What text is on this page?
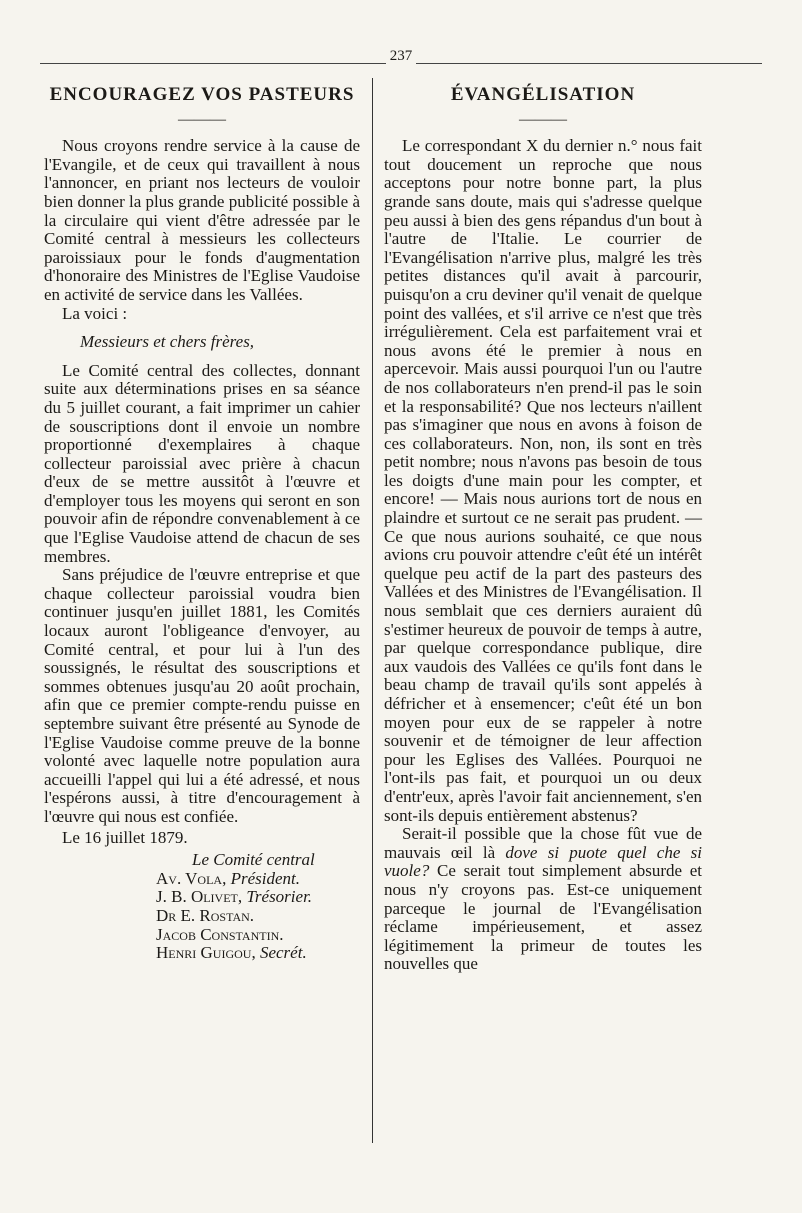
237
ENCOURAGEZ VOS PASTEURS
———

Nous croyons rendre service à la cause de l'Evangile, et de ceux qui travaillent à nous l'annoncer, en priant nos lecteurs de vouloir bien donner la plus grande publicité possible à la circulaire qui vient d'être adressée par le Comité central à messieurs les collecteurs paroissiaux pour le fonds d'augmentation d'honoraire des Ministres de l'Eglise Vaudoise en activité de service dans les Vallées.

La voici :

Messieurs et chers frères,

Le Comité central des collectes, donnant suite aux déterminations prises en sa séance du 5 juillet courant, a fait imprimer un cahier de souscriptions dont il envoie un nombre proportionné d'exemplaires à chaque collecteur paroissial avec prière à chacun d'eux de se mettre aussitôt à l'œuvre et d'employer tous les moyens qui seront en son pouvoir afin de répondre convenablement à ce que l'Eglise Vaudoise attend de chacun de ses membres.

Sans préjudice de l'œuvre entreprise et que chaque collecteur paroissial voudra bien continuer jusqu'en juillet 1881, les Comités locaux auront l'obligeance d'envoyer, au Comité central, et pour lui à l'un des soussignés, le résultat des souscriptions et sommes obtenues jusqu'au 20 août prochain, afin que ce premier compte-rendu puisse en septembre suivant être présenté au Synode de l'Eglise Vaudoise comme preuve de la bonne volonté avec laquelle notre population aura accueilli l'appel qui lui a été adressé, et nous l'espérons aussi, à titre d'encouragement à l'œuvre qui nous est confiée.

Le 16 juillet 1879.

Le Comité central

Av. Vola, Président.

J. B. Olivet, Trésorier.

Dr E. Rostan.

Jacob Constantin.

Henri Guigou, Secrét.

ÉVANGÉLISATION
———

Le correspondant X du dernier n.° nous fait tout doucement un reproche que nous acceptons pour notre bonne part, la plus grande sans doute, mais qui s'adresse quelque peu aussi à bien des gens répandus d'un bout à l'autre de l'Italie. Le courrier de l'Evangélisation n'arrive plus, malgré les très petites distances qu'il avait à parcourir, puisqu'on a cru deviner qu'il venait de quelque point des vallées, et s'il arrive ce n'est que très irrégulièrement. Cela est parfaitement vrai et nous avons été le premier à nous en apercevoir. Mais aussi pourquoi l'un ou l'autre de nos collaborateurs n'en prend-il pas le soin et la responsabilité? Que nos lecteurs n'aillent pas s'imaginer que nous en avons à foison de ces collaborateurs. Non, non, ils sont en très petit nombre; nous n'avons pas besoin de tous les doigts d'une main pour les compter, et encore! — Mais nous aurions tort de nous en plaindre et surtout ce ne serait pas prudent. — Ce que nous aurions souhaité, ce que nous avions cru pouvoir attendre c'eût été un intérêt quelque peu actif de la part des pasteurs des Vallées et des Ministres de l'Evangélisation. Il nous semblait que ces derniers auraient dû s'estimer heureux de pouvoir de temps à autre, par quelque correspondance publique, dire aux vaudois des Vallées ce qu'ils font dans le beau champ de travail qu'ils sont appelés à défricher et à ensemencer; c'eût été un bon moyen pour eux de se rappeler à notre souvenir et de témoigner de leur affection pour les Eglises des Vallées. Pourquoi ne l'ont-ils pas fait, et pourquoi un ou deux d'entr'eux, après l'avoir fait anciennement, s'en sont-ils depuis entièrement abstenus?

Serait-il possible que la chose fût vue de mauvais œil là dove si puote quel che si vuole? Ce serait tout simplement absurde et nous n'y croyons pas. Est-ce uniquement parceque le journal de l'Evangélisation réclame impérieusement, et assez légitimement la primeur de toutes les nouvelles que
